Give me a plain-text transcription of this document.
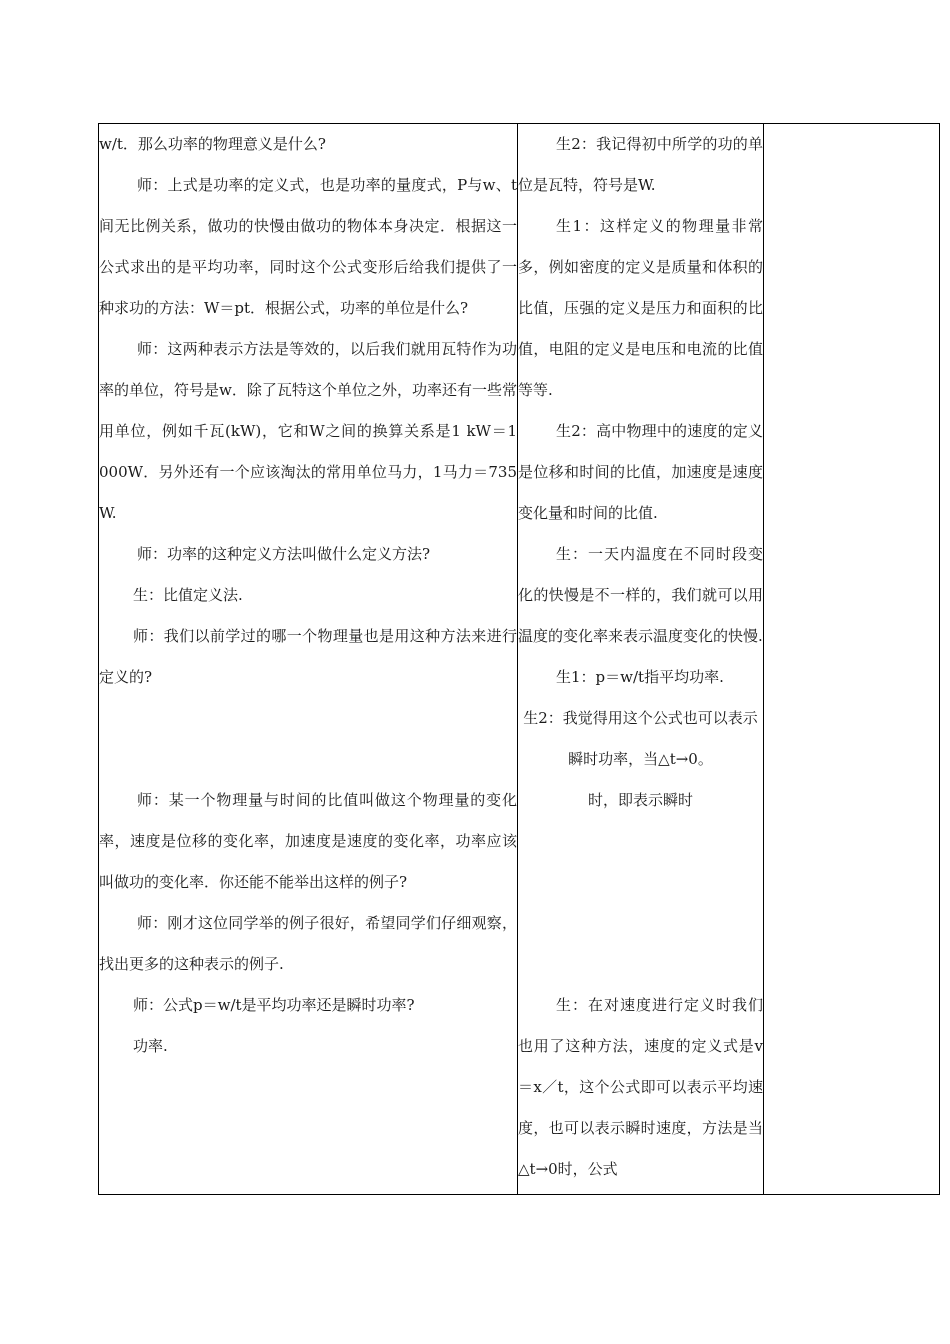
w/t．那么功率的物理意义是什么?

师：上式是功率的定义式，也是功率的量度式，P与w、t间无比例关系，做功的快慢由做功的物体本身决定．根据这一公式求出的是平均功率，同时这个公式变形后给我们提供了一种求功的方法：W＝pt．根据公式，功率的单位是什么?

师：这两种表示方法是等效的，以后我们就用瓦特作为功率的单位，符号是w．除了瓦特这个单位之外，功率还有一些常用单位，例如千瓦(kW)，它和W之间的换算关系是1 kW＝1 000W．另外还有一个应该淘汰的常用单位马力，1马力＝735 W.

师：功率的这种定义方法叫做什么定义方法?

生：比值定义法.

师：我们以前学过的哪一个物理量也是用这种方法来进行定义的?

师：某一个物理量与时间的比值叫做这个物理量的变化率，速度是位移的变化率，加速度是速度的变化率，功率应该叫做功的变化率．你还能不能举出这样的例子?

师：刚才这位同学举的例子很好，希望同学们仔细观察，找出更多的这种表示的例子.

师：公式p＝w/t是平均功率还是瞬时功率?

功率.

生2：我记得初中所学的功的单位是瓦特，符号是W.

生1：这样定义的物理量非常多，例如密度的定义是质量和体积的比值，压强的定义是压力和面积的比值，电阻的定义是电压和电流的比值等等.

生2：高中物理中的速度的定义是位移和时间的比值，加速度是速度变化量和时间的比值.

生：一天内温度在不同时段变化的快慢是不一样的，我们就可以用温度的变化率来表示温度变化的快慢.

生1：p＝w/t指平均功率.

生2：我觉得用这个公式也可以表示瞬时功率，当△t→0。

时，即表示瞬时

生：在对速度进行定义时我们也用了这种方法，速度的定义式是v＝x／t，这个公式即可以表示平均速度，也可以表示瞬时速度，方法是当△t→0时，公式
